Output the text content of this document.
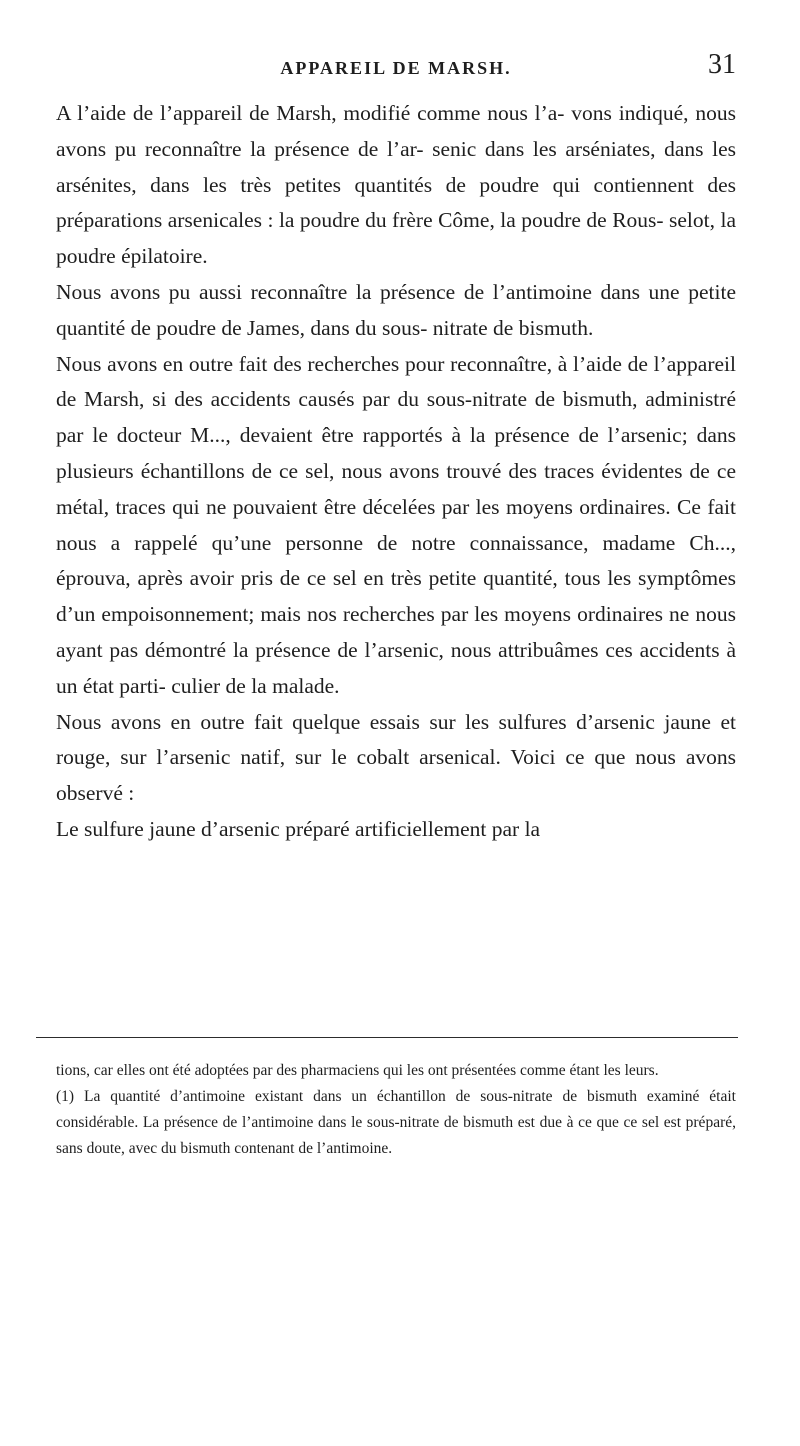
APPAREIL DE MARSH.	31

A l’aide de l’appareil de Marsh, modifié comme nous l’a- vons indiqué, nous avons pu reconnaître la présence de l’ar- senic dans les arséniates, dans les arsénites, dans les très petites quantités de poudre qui contiennent des préparations arsenicales : la poudre du frère Côme, la poudre de Rous- selot, la poudre épilatoire.

Nous avons pu aussi reconnaître la présence de l’antimoine dans une petite quantité de poudre de James, dans du sous- nitrate de bismuth.

Nous avons en outre fait des recherches pour reconnaître, à l’aide de l’appareil de Marsh, si des accidents causés par du sous-nitrate de bismuth, administré par le docteur M..., devaient être rapportés à la présence de l’arsenic; dans plusieurs échantillons de ce sel, nous avons trouvé des traces évidentes de ce métal, traces qui ne pouvaient être décelées par les moyens ordinaires. Ce fait nous a rappelé qu’une personne de notre connaissance, madame Ch..., éprouva, après avoir pris de ce sel en très petite quantité, tous les symptômes d’un empoisonnement; mais nos recherches par les moyens ordinaires ne nous ayant pas démontré la présence de l’arsenic, nous attribuâmes ces accidents à un état parti- culier de la malade.

Nous avons en outre fait quelque essais sur les sulfures d’arsenic jaune et rouge, sur l’arsenic natif, sur le cobalt arsenical. Voici ce que nous avons observé :

Le sulfure jaune d’arsenic préparé artificiellement par la

tions, car elles ont été adoptées par des pharmaciens qui les ont présentées comme étant les leurs.

(1) La quantité d’antimoine existant dans un échantillon de sous-nitrate de bismuth examiné était considérable. La présence de l’antimoine dans le sous-nitrate de bismuth est due à ce que ce sel est préparé, sans doute, avec du bismuth contenant de l’antimoine.
